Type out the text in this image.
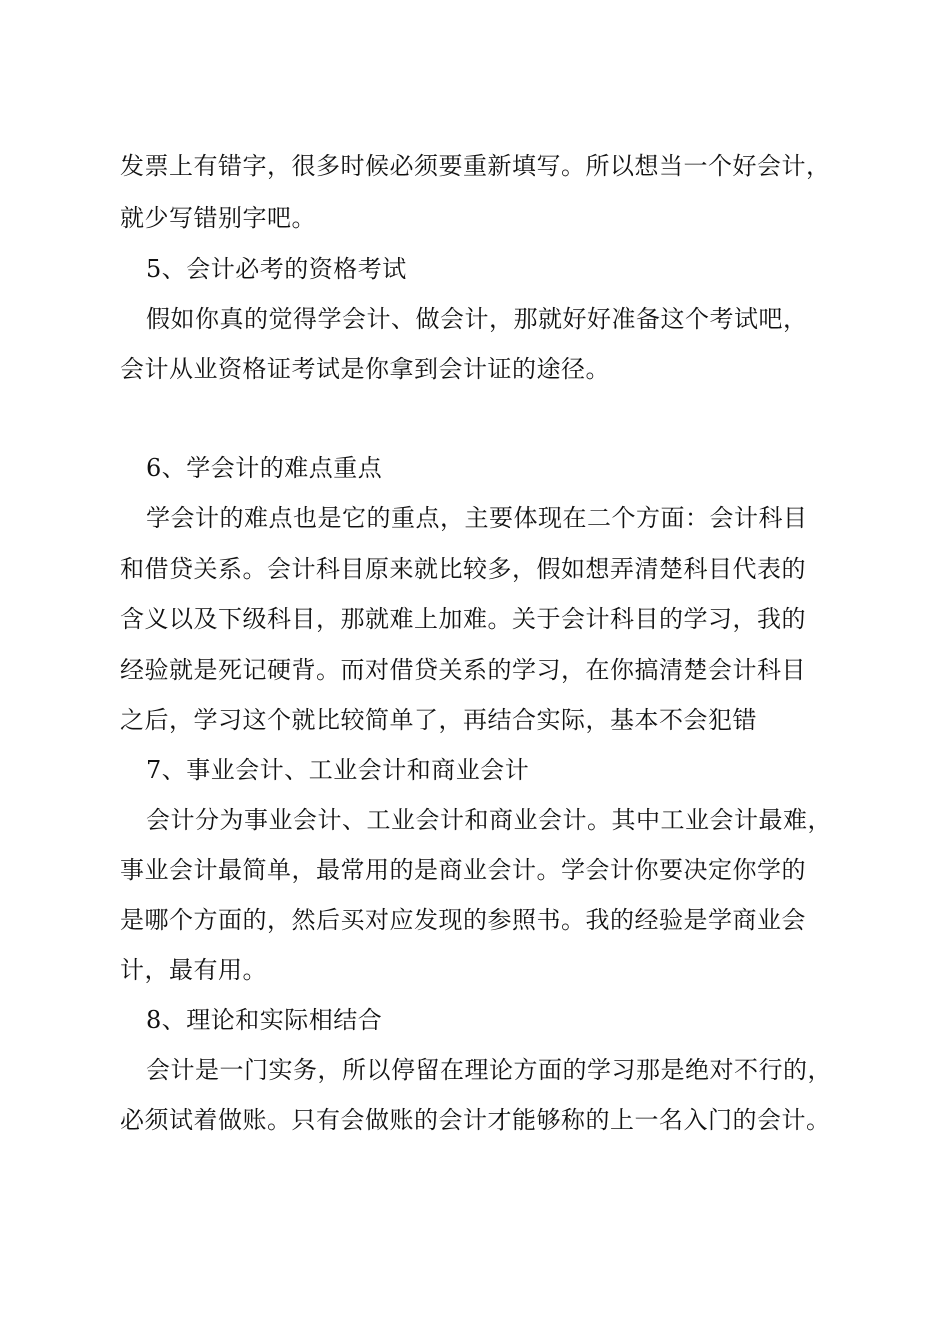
发票上有错字，很多时候必须要重新填写。所以想当一个好会计，

就少写错别字吧。

5、会计必考的资格考试

假如你真的觉得学会计、做会计，那就好好准备这个考试吧，

会计从业资格证考试是你拿到会计证的途径。

6、学会计的难点重点

学会计的难点也是它的重点，主要体现在二个方面：会计科目

和借贷关系。会计科目原来就比较多，假如想弄清楚科目代表的

含义以及下级科目，那就难上加难。关于会计科目的学习，我的

经验就是死记硬背。而对借贷关系的学习，在你搞清楚会计科目

之后，学习这个就比较简单了，再结合实际，基本不会犯错

7、事业会计、工业会计和商业会计

会计分为事业会计、工业会计和商业会计。其中工业会计最难，

事业会计最简单，最常用的是商业会计。学会计你要决定你学的

是哪个方面的，然后买对应发现的参照书。我的经验是学商业会

计，最有用。

8、理论和实际相结合

会计是一门实务，所以停留在理论方面的学习那是绝对不行的，

必须试着做账。只有会做账的会计才能够称的上一名入门的会计。
